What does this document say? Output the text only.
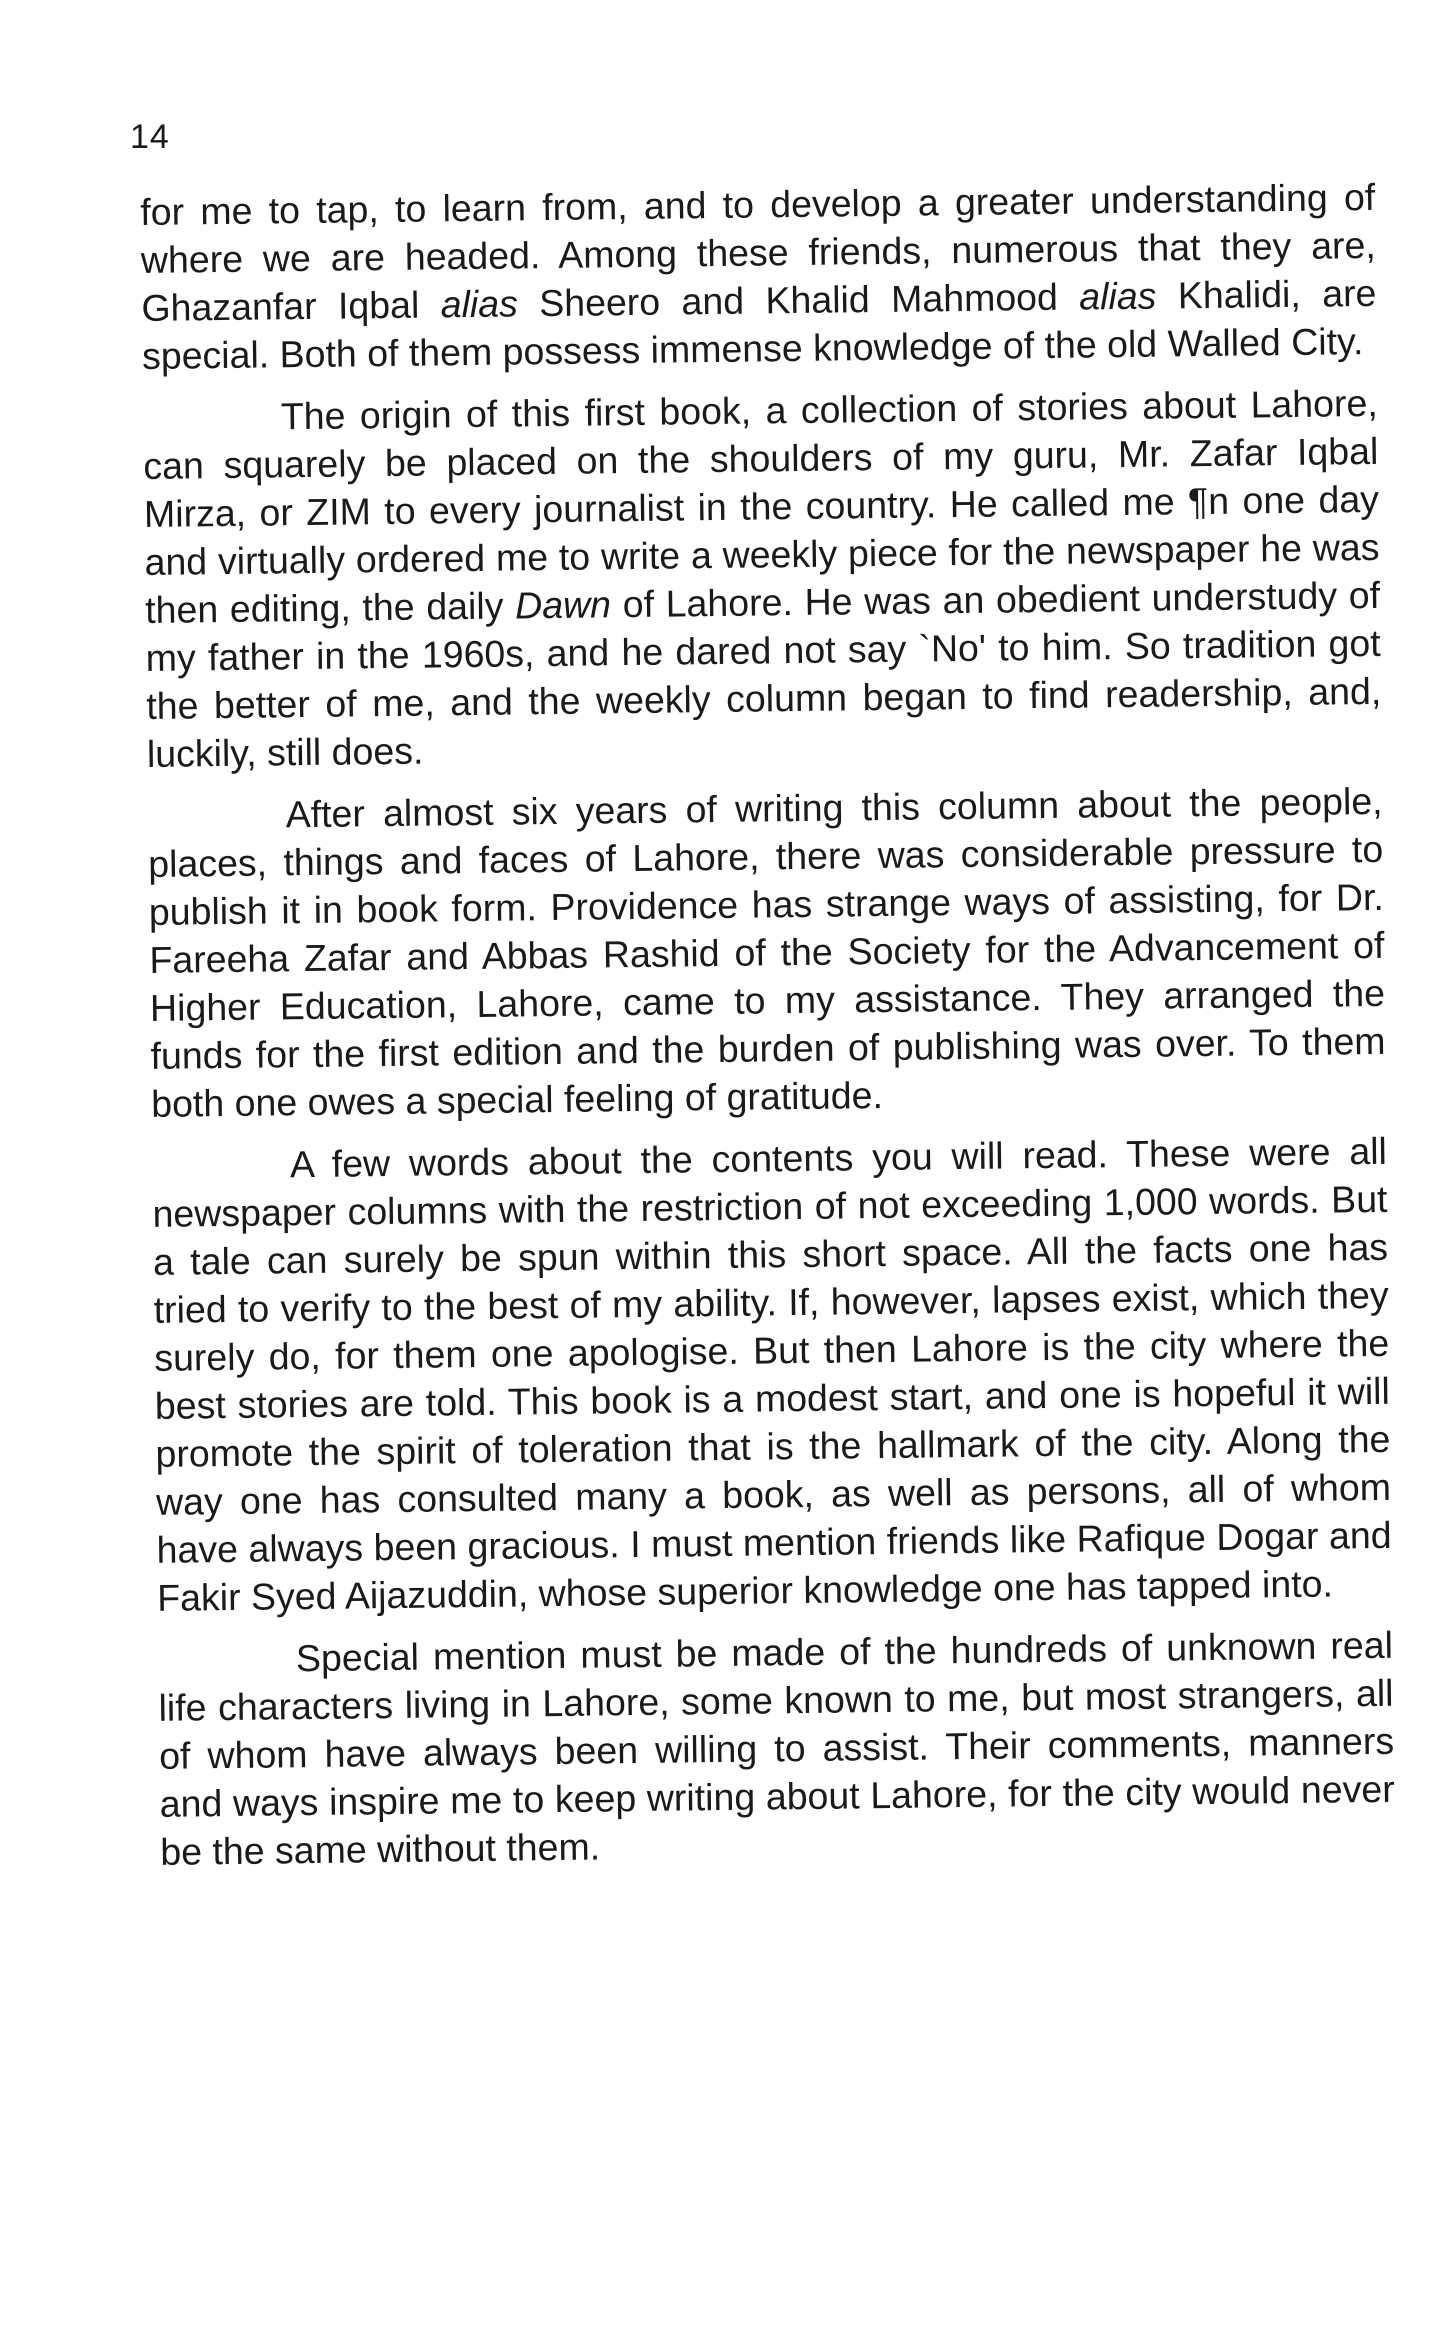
14

for me to tap, to learn from, and to develop a greater understanding of where we are headed. Among these friends, numerous that they are, Ghazanfar Iqbal alias Sheero and Khalid Mahmood alias Khalidi, are special. Both of them possess immense knowledge of the old Walled City.

The origin of this first book, a collection of stories about Lahore, can squarely be placed on the shoulders of my guru, Mr. Zafar Iqbal Mirza, or ZIM to every journalist in the country. He called me ¶n one day and virtually ordered me to write a weekly piece for the newspaper he was then editing, the daily Dawn of Lahore. He was an obedient understudy of my father in the 1960s, and he dared not say `No' to him. So tradition got the better of me, and the weekly column began to find readership, and, luckily, still does.

After almost six years of writing this column about the people, places, things and faces of Lahore, there was considerable pressure to publish it in book form. Providence has strange ways of assisting, for Dr. Fareeha Zafar and Abbas Rashid of the Society for the Advancement of Higher Education, Lahore, came to my assistance. They arranged the funds for the first edition and the burden of publishing was over. To them both one owes a special feeling of gratitude.

A few words about the contents you will read. These were all newspaper columns with the restriction of not exceeding 1,000 words. But a tale can surely be spun within this short space. All the facts one has tried to verify to the best of my ability. If, however, lapses exist, which they surely do, for them one apologise. But then Lahore is the city where the best stories are told. This book is a modest start, and one is hopeful it will promote the spirit of toleration that is the hallmark of the city. Along the way one has consulted many a book, as well as persons, all of whom have always been gracious. I must mention friends like Rafique Dogar and Fakir Syed Aijazuddin, whose superior knowledge one has tapped into.

Special mention must be made of the hundreds of unknown real life characters living in Lahore, some known to me, but most strangers, all of whom have always been willing to assist. Their comments, manners and ways inspire me to keep writing about Lahore, for the city would never be the same without them.
